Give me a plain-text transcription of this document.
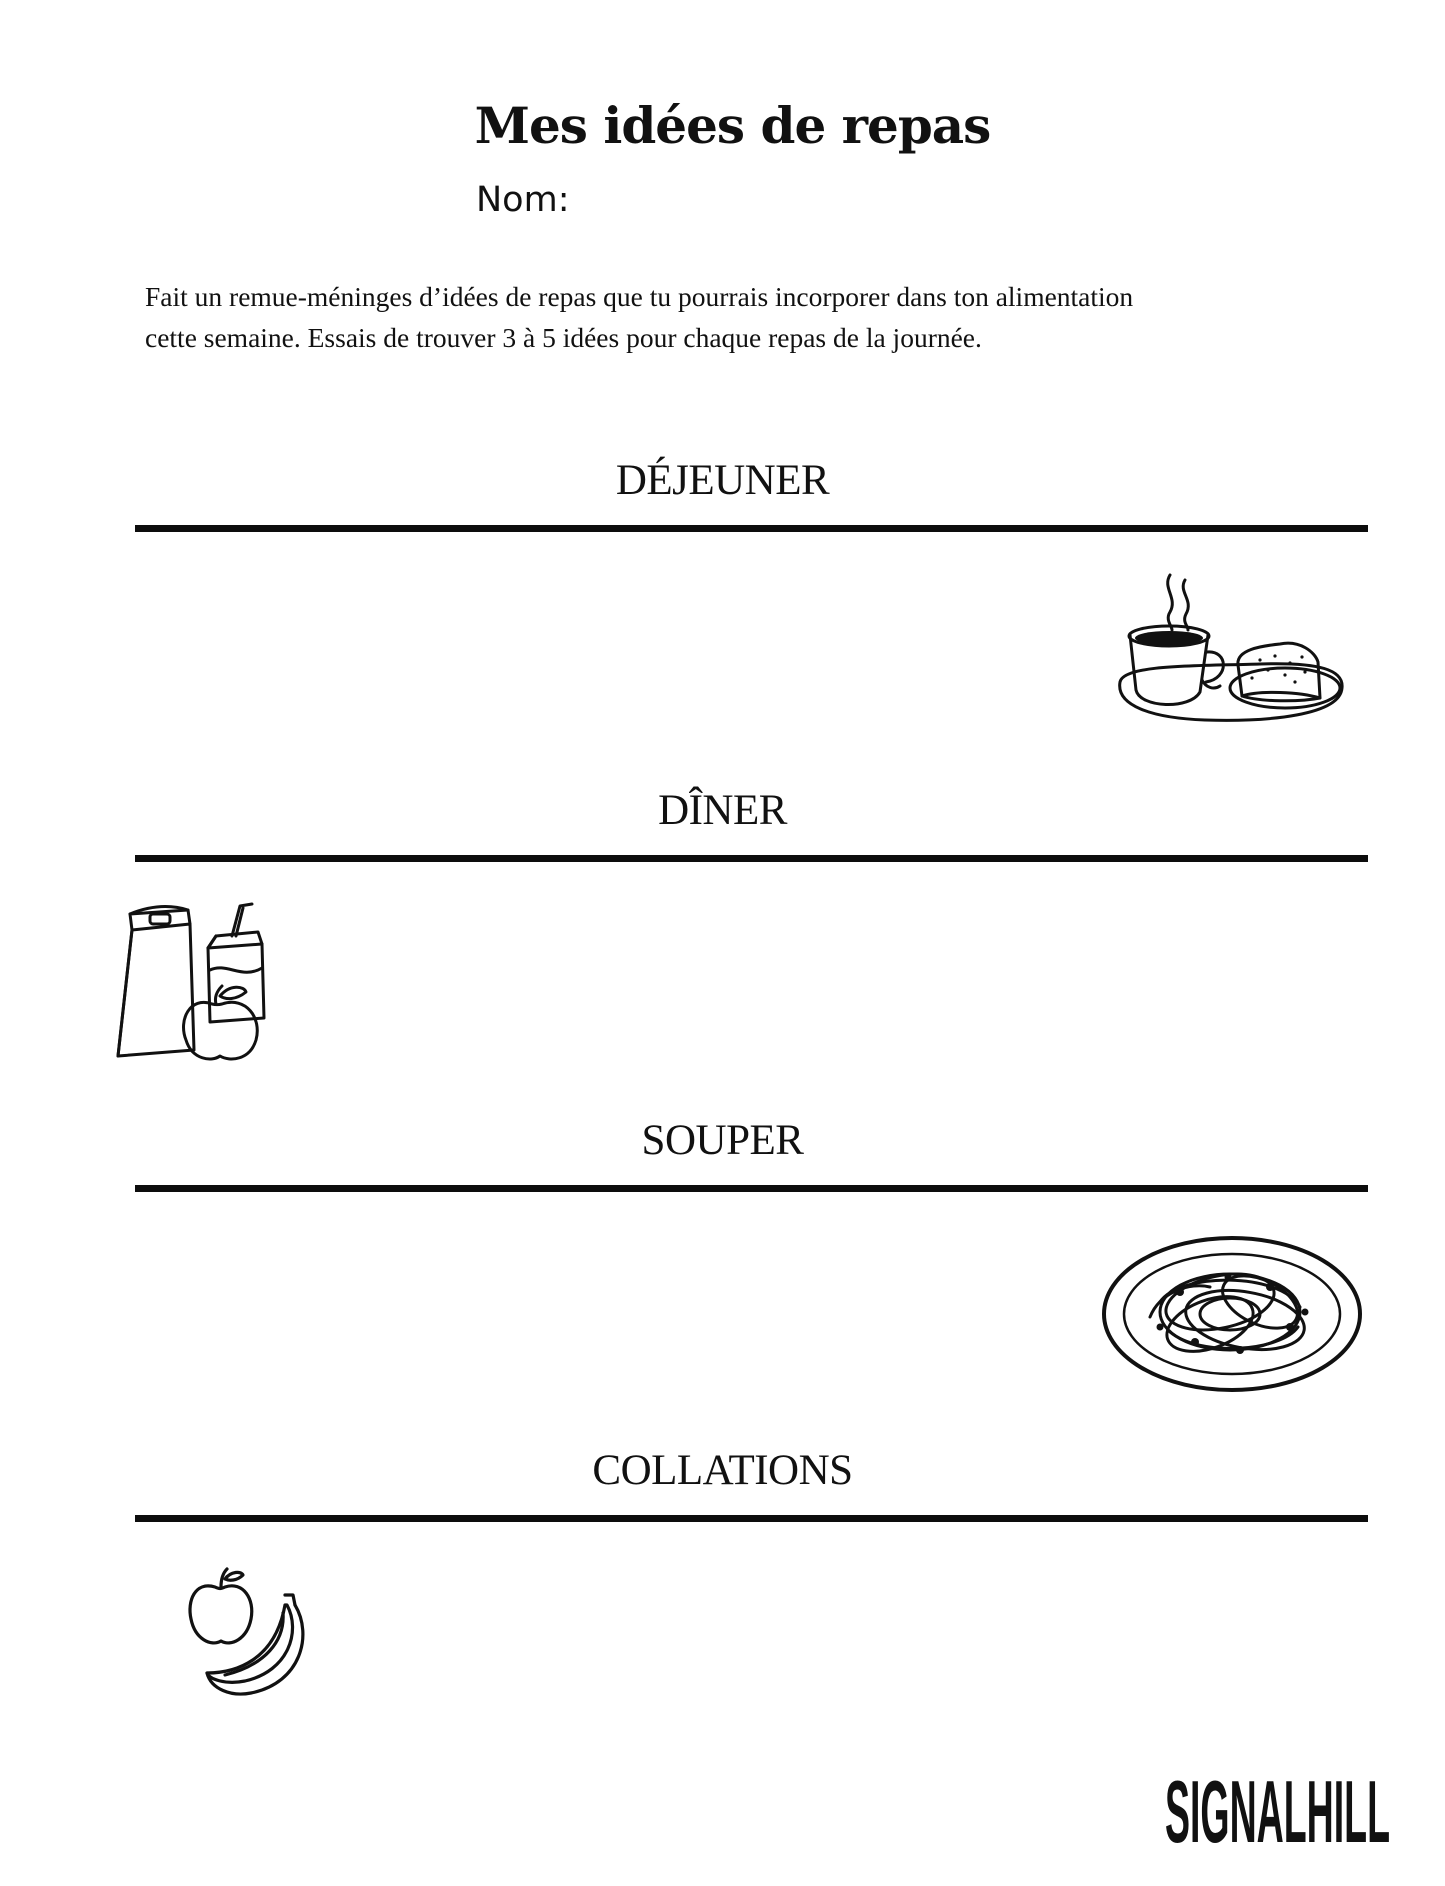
Mes idées de repas
Nom:
Fait un remue-méninges d’idées de repas que tu pourrais incorporer dans ton alimentation
cette semaine. Essais de trouver 3 à 5 idées pour chaque repas de la journée.
DÉJEUNER
DÎNER
SOUPER
COLLATIONS
SIGNALHILL
